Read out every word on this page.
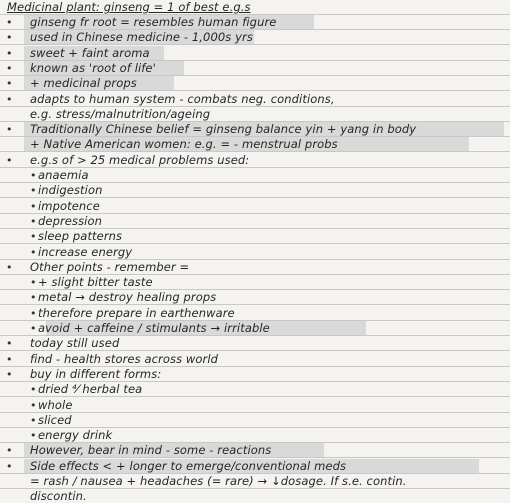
Medicinal plant: ginseng = 1 of best e.g.s
• ginseng fr root = resembles human figure
• used in Chinese medicine - 1,000s yrs
• sweet + faint aroma
• known as 'root of life'
• + medicinal props
• adapts to human system - combats neg. conditions,
e.g. stress/malnutrition/ageing
• Traditionally Chinese belief = ginseng balance yin + yang in body
+ Native American women: e.g. = - menstrual probs
• e.g.s of > 25 medical problems used:
• anaemia
• indigestion
• impotence
• depression
• sleep patterns
• increase energy
• Other points - remember =
• + slight bitter taste
• metal → destroy healing props
• therefore prepare in earthenware
• avoid + caffeine / stimulants → irritable
• today still used
• find - health stores across world
• buy in different forms:
• dried ⁴⁄ herbal tea
• whole
• sliced
• energy drink
• However, bear in mind - some - reactions
• Side effects < + longer to emerge/conventional meds
= rash / nausea + headaches (= rare) → ↓dosage. If s.e. contin.
discontin.
